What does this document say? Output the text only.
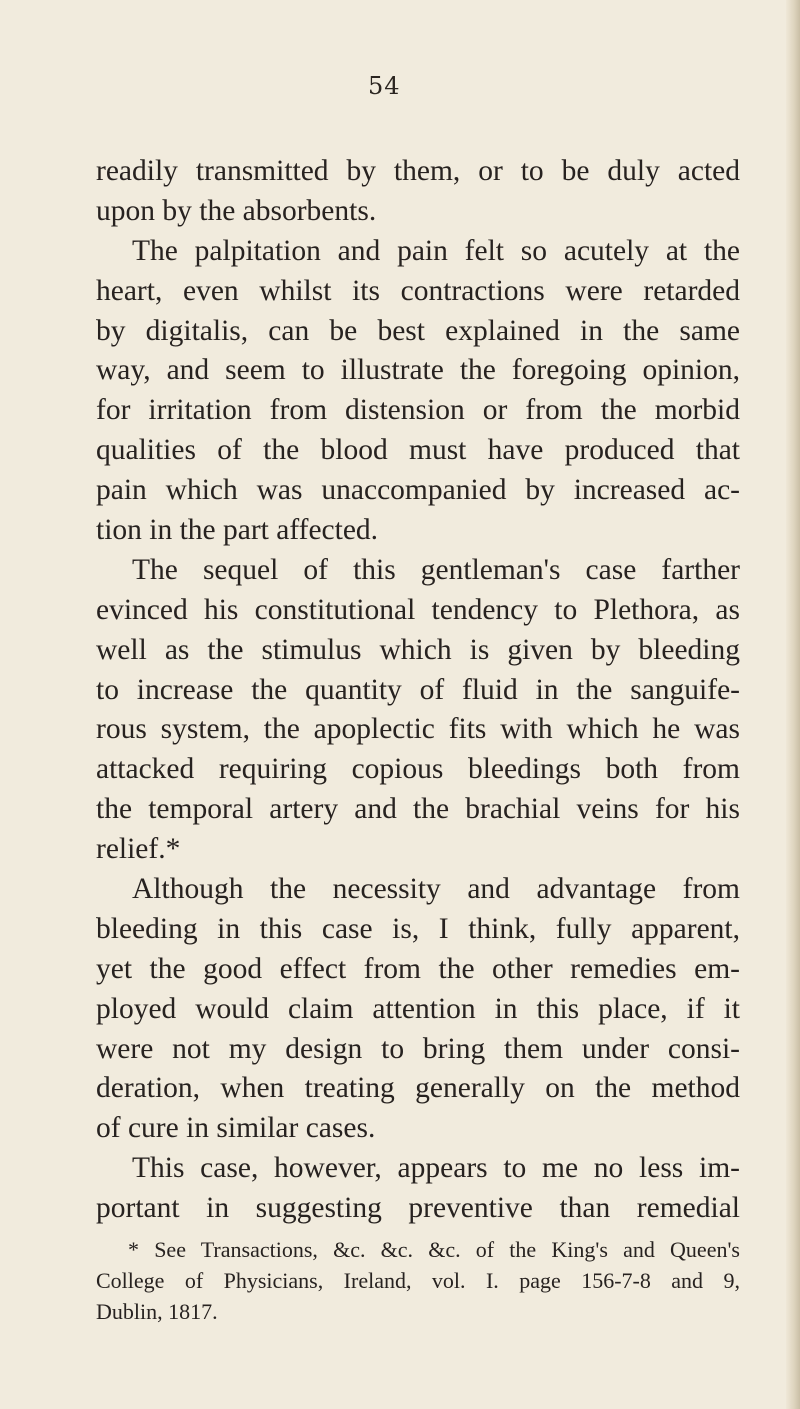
54
readily transmitted by them, or to be duly acted
upon by the absorbents.
The palpitation and pain felt so acutely at the
heart, even whilst its contractions were retarded
by digitalis, can be best explained in the same
way, and seem to illustrate the foregoing opinion,
for irritation from distension or from the morbid
qualities of the blood must have produced that
pain which was unaccompanied by increased ac-
tion in the part affected.
The sequel of this gentleman's case farther
evinced his constitutional tendency to Plethora, as
well as the stimulus which is given by bleeding
to increase the quantity of fluid in the sanguife-
rous system, the apoplectic fits with which he was
attacked requiring copious bleedings both from
the temporal artery and the brachial veins for his
relief.*
Although the necessity and advantage from
bleeding in this case is, I think, fully apparent,
yet the good effect from the other remedies em-
ployed would claim attention in this place, if it
were not my design to bring them under consi-
deration, when treating generally on the method
of cure in similar cases.
This case, however, appears to me no less im-
portant in suggesting preventive than remedial
* See Transactions, &c. &c. &c. of the King's and Queen's
College of Physicians, Ireland, vol. I. page 156-7-8 and 9,
Dublin, 1817.
